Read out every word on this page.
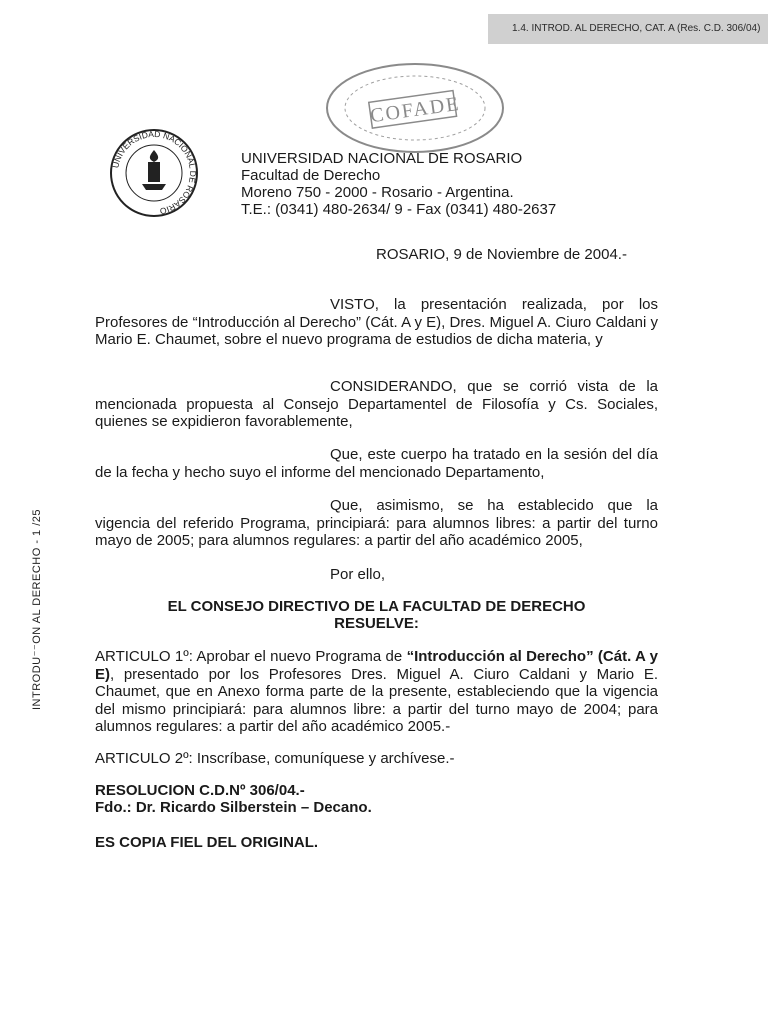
1.4. INTROD. AL DERECHO, CAT. A (Res. C.D. 306/04)
COFADE
UNIVERSIDAD NACIONAL DE ROSARIO
UNIVERSIDAD NACIONAL DE ROSARIO
Facultad de Derecho
Moreno 750 - 2000 - Rosario - Argentina.
T.E.: (0341) 480-2634/ 9 - Fax (0341) 480-2637
ROSARIO, 9 de Noviembre de 2004.-
VISTO, la presentación realizada, por los Profesores de “Introducción al Derecho” (Cát. A y E), Dres. Miguel A. Ciuro Caldani y Mario E. Chaumet, sobre el nuevo programa de estudios de dicha materia, y
CONSIDERANDO, que se corrió vista de la mencionada propuesta al Consejo Departamentel de Filosofía y Cs. Sociales, quienes se expidieron favorablemente,
Que, este cuerpo ha tratado en la sesión del día de la fecha y hecho suyo el informe del mencionado Departamento,
Que, asimismo, se ha establecido que la vigencia del referido Programa, principiará: para alumnos libres: a partir del turno mayo de 2005; para alumnos regulares: a partir del año académico 2005,
Por ello,
EL CONSEJO DIRECTIVO DE LA FACULTAD DE DERECHO
RESUELVE:
ARTICULO 1º: Aprobar el nuevo Programa de “Introducción al Derecho” (Cát. A y E), presentado por los Profesores Dres. Miguel A. Ciuro Caldani y Mario E. Chaumet, que en Anexo forma parte de la presente, estableciendo que la vigencia del mismo principiará: para alumnos libre: a partir del turno mayo de 2004; para alumnos regulares: a partir del año académico 2005.-
ARTICULO 2º: Inscríbase, comuníquese y archívese.-
RESOLUCION C.D.Nº 306/04.-
Fdo.: Dr. Ricardo Silberstein – Decano.
ES COPIA FIEL DEL ORIGINAL.
INTRODU⁻⁻ON AL DERECHO - 1 /25
